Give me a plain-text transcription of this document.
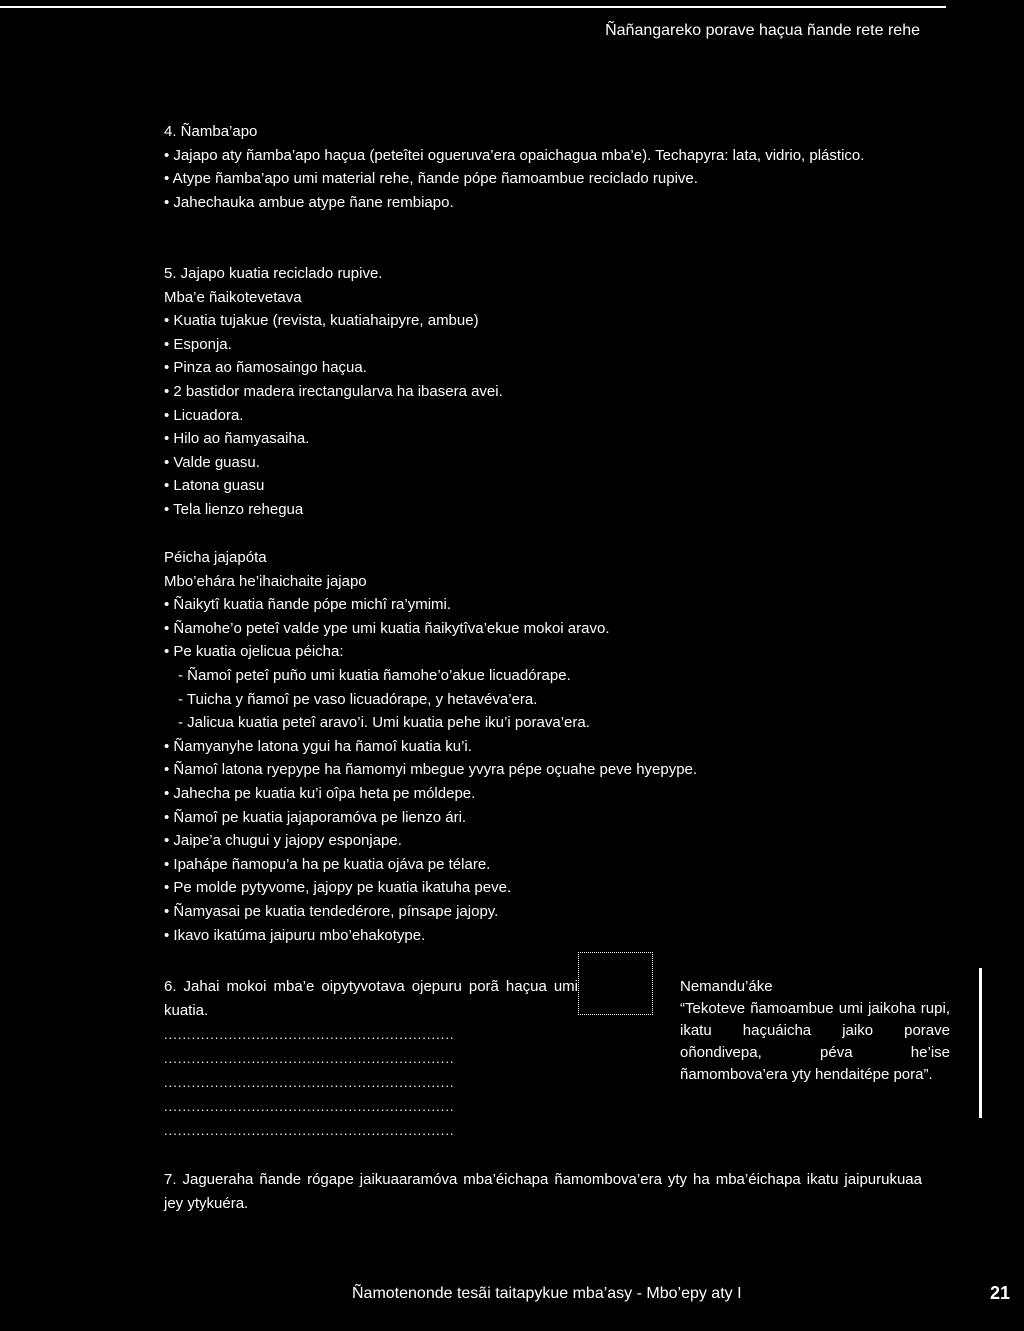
Ñañangareko porave haçua ñande rete rehe

4. Ñamba’apo

• Jajapo aty ñamba’apo haçua (peteîtei ogueruva’era opaichagua mba’e). Techapyra: lata, vidrio, plástico.

• Atype ñamba’apo umi material rehe, ñande pópe ñamoambue reciclado rupive.

• Jahechauka ambue atype ñane rembiapo.

5. Jajapo kuatia reciclado rupive.

Mba’e ñaikotevetava

• Kuatia tujakue (revista, kuatiahaipyre, ambue)

• Esponja.

• Pinza ao ñamosaingo haçua.

• 2 bastidor madera irectangularva ha ibasera avei.

• Licuadora.

• Hilo ao ñamyasaiha.

• Valde guasu.

• Latona guasu

• Tela lienzo rehegua

Péicha jajapóta

Mbo’ehára he’ihaichaite jajapo

• Ñaikytî kuatia ñande pópe michî ra’ymimi.

• Ñamohe’o peteî valde ype umi kuatia ñaikytîva’ekue mokoi aravo.

• Pe kuatia ojelicua péicha:

- Ñamoî peteî puño umi kuatia ñamohe’o’akue licuadórape.

- Tuicha y ñamoî pe vaso licuadórape, y hetavéva’era.

- Jalicua kuatia peteî aravo’i. Umi kuatia pehe iku’i porava’era.

• Ñamyanyhe latona ygui ha ñamoî kuatia ku’i.

• Ñamoî latona ryepype ha ñamomyi mbegue yvyra pépe oçuahe peve hyepype.

• Jahecha pe kuatia ku’i oîpa heta pe móldepe.

• Ñamoî pe kuatia jajaporamóva pe lienzo ári.

• Jaipe’a chugui y jajopy esponjape.

• Ipahápe ñamopu’a ha pe kuatia ojáva pe télare.

• Pe molde pytyvome, jajopy pe kuatia ikatuha peve.

• Ñamyasai pe kuatia tendedérore, pínsape jajopy.

• Ikavo ikatúma jaipuru mbo’ehakotype.

6. Jahai mokoi mba’e oipytyvotava ojepuru porã haçua umi kuatia.

...............................................................
...............................................................
...............................................................
...............................................................
...............................................................

Nemandu’áke

“Tekoteve ñamoambue umi jaikoha rupi, ikatu haçuáicha jaiko porave oñondivepa, péva he’ise ñamombova’era yty hendaitépe pora”.

7. Jagueraha ñande rógape jaikuaaramóva mba’éichapa ñamombova’era yty ha mba’éichapa ikatu jaipurukuaa jey ytykuéra.
Ñamotenonde tesãi taitapykue mba’asy - Mbo’epy aty I	21
